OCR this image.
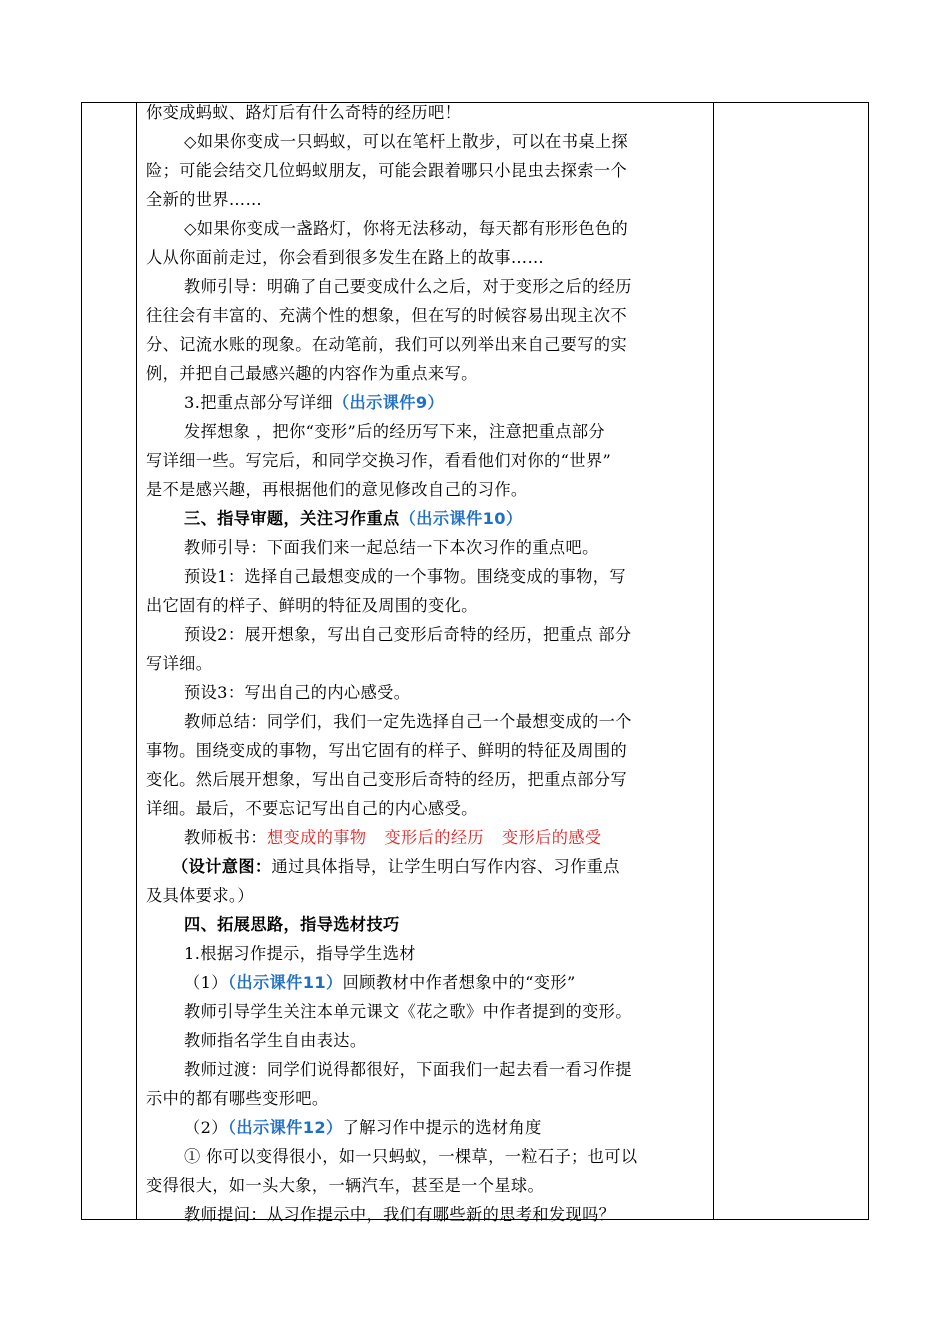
你变成蚂蚁、路灯后有什么奇特的经历吧！
◇如果你变成一只蚂蚁，可以在笔杆上散步，可以在书桌上探
险；可能会结交几位蚂蚁朋友，可能会跟着哪只小昆虫去探索一个
全新的世界……
◇如果你变成一盏路灯，你将无法移动，每天都有形形色色的
人从你面前走过，你会看到很多发生在路上的故事……
教师引导：明确了自己要变成什么之后，对于变形之后的经历
往往会有丰富的、充满个性的想象，但在写的时候容易出现主次不
分、记流水账的现象。在动笔前，我们可以列举出来自己要写的实
例，并把自己最感兴趣的内容作为重点来写。
3.把重点部分写详细（出示课件9）
发挥想象 ，把你“变形”后的经历写下来，注意把重点部分
写详细一些。写完后，和同学交换习作，看看他们对你的“世界”
是不是感兴趣，再根据他们的意见修改自己的习作。
三、指导审题，关注习作重点（出示课件10）
教师引导：下面我们来一起总结一下本次习作的重点吧。
预设1：选择自己最想变成的一个事物。围绕变成的事物，写
出它固有的样子、鲜明的特征及周围的变化。
预设2：展开想象，写出自己变形后奇特的经历，把重点 部分
写详细。
预设3：写出自己的内心感受。
教师总结：同学们，我们一定先选择自己一个最想变成的一个
事物。围绕变成的事物，写出它固有的样子、鲜明的特征及周围的
变化。然后展开想象，写出自己变形后奇特的经历，把重点部分写
详细。最后，不要忘记写出自己的内心感受。
教师板书：想变成的事物 变形后的经历 变形后的感受
（设计意图：通过具体指导，让学生明白写作内容、习作重点
及具体要求。）
四、拓展思路，指导选材技巧
1.根据习作提示，指导学生选材
（1）（出示课件11）回顾教材中作者想象中的“变形”
教师引导学生关注本单元课文《花之歌》中作者提到的变形。
教师指名学生自由表达。
教师过渡：同学们说得都很好，下面我们一起去看一看习作提
示中的都有哪些变形吧。
（2）（出示课件12）了解习作中提示的选材角度
① 你可以变得很小，如一只蚂蚁，一棵草，一粒石子；也可以
变得很大，如一头大象，一辆汽车，甚至是一个星球。
教师提问：从习作提示中，我们有哪些新的思考和发现吗？
